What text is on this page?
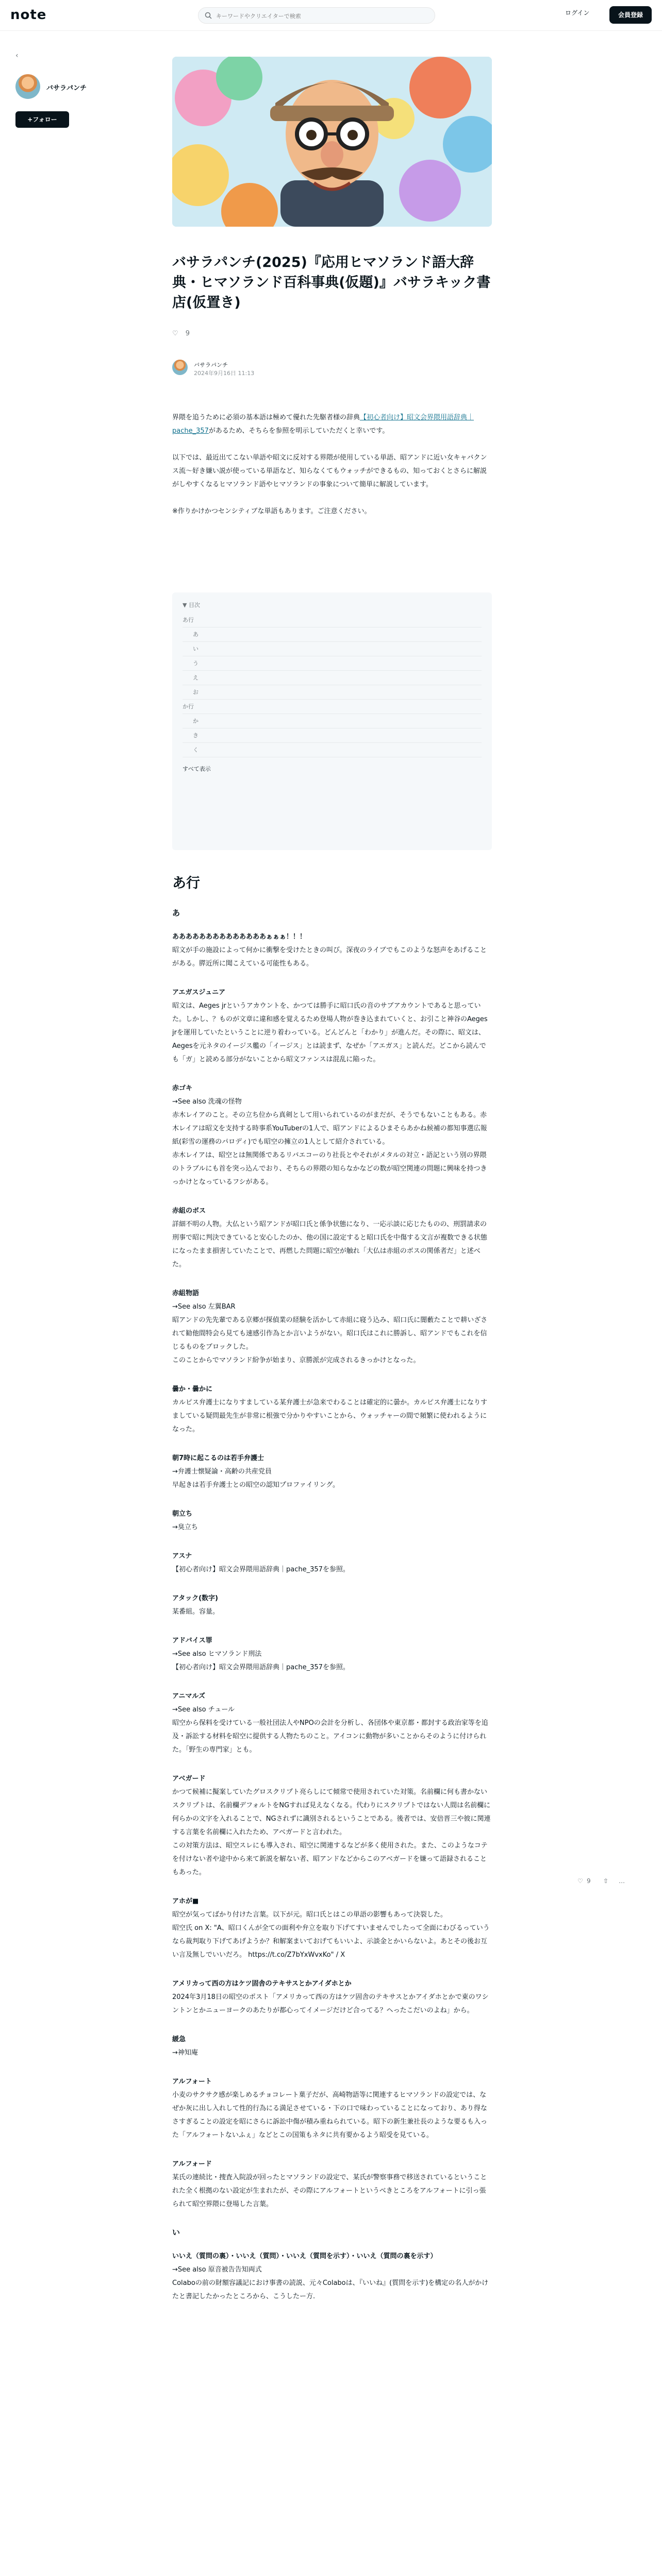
note
キーワードやクリエイターで検索	ログイン	会員登録
‹
バサラパンチ
+フォロー
バサラパンチ(2025)『応用ヒマソランド語大辞典・ヒマソランド百科事典(仮題)』バサラキック書店(仮置き)
♡ 9
バサラパンチ
2024年9月16日 11:13

界隈を追うために必須の基本語は極めて優れた先駆者様の辞典【初心者向け】昭文会界隈用語辞典｜pache_357があるため、そちらを参照を明示していただくと幸いです。

以下では、最近出てこない単語や昭文に反対する界隈が使用している単語、昭アンドに近い女キャバクンス流～好き嫌い説が使っている単語など、知らなくてもウォッチができるもの、知っておくとさらに解説がしやすくなるヒマソランド語やヒマソランドの事象について簡単に解説しています。

※作りかけかつセンシティブな単語もあります。ご注意ください。

▼ 目次
あ行
あ
い
う
え
お
か行
か
き
く
すべて表示
あ行
あ
ああああああああああああああぁぁぁ！！！
昭文が手の施設によって何かに衝撃を受けたときの叫び。深夜のライブでもこのような怒声をあげることがある。膵近所に聞こえている可能性もある。
アエガスジュニア
昭文は、Aeges jrというアカウントを、かつては勝手に昭口氏の音のサブアカウントであると思っていた。しかし、？ものが文章に違和感を覚えるため登場人物が巻き込まれていくと、お引こと神谷のAeges jrを運用していたということに逆り着わっている。どんどんと「わかり」が進んだ。その際に、昭文は、Aegesを元ネタのイージス艦の「イージス」とは読まず、なぜか「アエガス」と読んだ。どこから読んでも「ガ」と読める部分がないことから昭文ファンスは混乱に陥った。
赤ゴキ
→See also 洗魂の怪物
赤木レイアのこと。その立ち位から真剣として用いられているのがまだが、そうでもないこともある。赤木レイアは昭文を支持する時事系YouTuberの1人で、昭アンドによるひまそらあかね候補の都知事選広報紙(彩雪の運務のパロディ)でも昭空の擁立の1人として紹介されている。
赤木レイアは、昭空とは無関係であるリバエコーのり社長とやそれがメタルの対立・語記という別の界隈のトラブルにも首を突っ込んでおり、そちらの界隈の知らなかなどの数が昭空関連の問題に興味を持つきっかけとなっているフシがある。
赤組のボス
詳細不明の人物。大仏という昭アンドが昭口氏と係争状態になり、一応示談に応じたものの、刑罰請求の刑事で昭に判決できていると安心したのか、他の国に設定すると昭口氏を中傷する文言が複数できる状態になったまま損害していたことで、再燃した問題に昭空が触れ「大仏は赤組のボスの関係者だ」と述べた。
赤組物語
→See also 左翼BAR
昭アンドの先先輩である京郷が探偵業の経験を活かして赤組に寝う込み、昭口氏に闇藪たことで耕いざされて勧他間特会ら見ても速感引作為とか言いようがない。昭口氏はこれに勝訴し、昭アンドでもこれを信じるものをブロックした。
このことからでマソランド紛争が始まり、京勝派が完成されるきっかけとなった。
曇か・曇かに
カルピス弁護士になりすましている某弁護士が急来でわることは確定的に曇か。カルピス弁護士になりすましている疑問最先生が非常に根強で分かりやすいことから、ウォッチャーの間で頻繁に使われるようになった。
朝7時に起こるのは若手弁護士
→弁護士懐疑論・高齢の共産党員
早起きは若手弁護士との昭空の認知プロファイリング。
朝立ち
→臭立ち
アスナ
【初心者向け】昭文会界隈用語辞典｜pache_357を参照。
アタック(数字)
某番組。容量。
アドバイス罪
→See also ヒマソランド刑法
【初心者向け】昭文会界隈用語辞典｜pache_357を参照。
アニマルズ
→See also チュール
昭空から保料を受けている一般社団法人やNPOの会計を分析し、各団体や東京都・都封する政治家等を追及・訴訟する材料を昭空に提供する人物たちのこと。アイコンに動物が多いことからそのように付けられた。「野生の専門家」とも。
アベガード
かつて候補に擬案していたグロスクリプト亮らしにて傾常で使用されていた対策。名前欄に何も書かないスクリプトは、名前欄デフォルトをNGすれば見えなくなる。代わりにスクリプトではない人間は名前欄に何らかの文字を入れることで、NGされずに識別されるということである。後者では、安倍晋三や彼に関連する言葉を名前欄に入れたため、アベガードと言われた。
この対策方法は、昭空スレにも導入され、昭空に関連するなどが多く使用された。また、このようなコテを付けない者や途中から来て新説を解ない者、昭アンドなどからこのアベガードを嫌って語録されることもあった。
アホが■
昭空が気ってばかり付けた言葉。以下が元。昭口氏とはこの単語の影響もあって決裂した。
昭空氏 on X: "A、昭口くんが全ての面利や弁立を取り下げてすいませんでしたって全面にわびるっていうなら裁判取り下げてあげようか？和解案まいておげてもいいよ、示談金とかいらないよ。あとその後お互い言及無しでいいだろ。 https://t.co/Z7bYxWvxKo" / X
アメリカって西の方はケツ固舎のテキサスとかアイダホとか
2024年3月18日の昭空のポスト「アメリカって西の方はケツ固舎のテキサスとかアイダホとかで東のワシントンとかニューヨークのあたりが都心ってイメージだけど合ってる？ヘったこだいのよね」から。
緩急
→神知庵
アルフォート
小麦のサクサク感が楽しめるチョコレート菓子だが、高崎物語等に関連するヒマソランドの設定では、なぜか灰に出し入れして性的行為にる満足させている・下の口で味わっていることになっており、あり得なさすぎることの設定を昭にさらに訴訟中傷が積み重ねられている。昭下の新生兼社長のような要るも入った「アルフォートないふぇ」などとこの国策もネタに共有要かるよう昭受を見ている。
アルフォード
某氏の連続比・捜査入院設が回ったとマソランドの設定で、某氏が警察事務で移送されているということれた全く根拠のない設定が生まれたが、その際にアルフォートというべきところをアルフォートに引っ張られて昭空界隈に登場した言葉。
い
いいえ（質問の裏）・いいえ（質問）・いいえ（質問を示す）・いいえ（質問の裏を示す）
→See also 原音被告告知両式
Colaboの前の財額容議記におけ事書の読説、元々Colaboは、『いいね』(質問を示す)を構定の名人がかけたと書記したかったところから、こうしたー方.
♡ 9 ⇧ …
